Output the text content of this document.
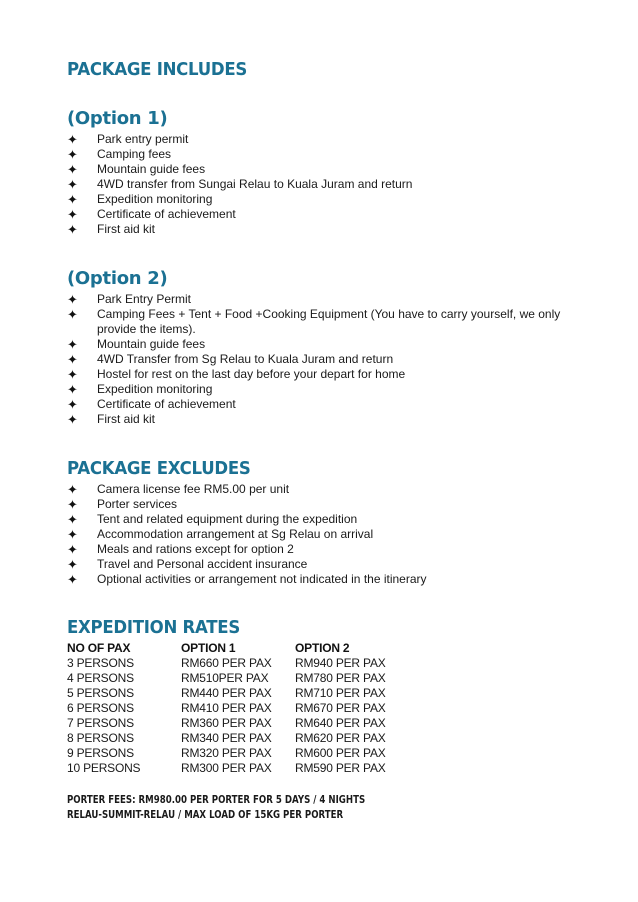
PACKAGE INCLUDES
(Option 1)
✦ Park entry permit
✦ Camping fees
✦ Mountain guide fees
✦ 4WD transfer from Sungai Relau to Kuala Juram and return
✦ Expedition monitoring
✦ Certificate of achievement
✦ First aid kit
(Option 2)
✦ Park Entry Permit
✦ Camping Fees + Tent + Food +Cooking Equipment (You have to carry yourself, we only provide the items).
✦ Mountain guide fees
✦ 4WD Transfer from Sg Relau to Kuala Juram and return
✦ Hostel for rest on the last day before your depart for home
✦ Expedition monitoring
✦ Certificate of achievement
✦ First aid kit
PACKAGE EXCLUDES
✦ Camera license fee RM5.00 per unit
✦ Porter services
✦ Tent and related equipment during the expedition
✦ Accommodation arrangement at Sg Relau on arrival
✦ Meals and rations except for option 2
✦ Travel and Personal accident insurance
✦ Optional activities or arrangement not indicated in the itinerary
EXPEDITION RATES
NO OF PAX	OPTION 1	OPTION 2
3 PERSONS	RM660 PER PAX	RM940 PER PAX
4 PERSONS	RM510PER PAX	RM780 PER PAX
5 PERSONS	RM440 PER PAX	RM710 PER PAX
6 PERSONS	RM410 PER PAX	RM670 PER PAX
7 PERSONS	RM360 PER PAX	RM640 PER PAX
8 PERSONS	RM340 PER PAX	RM620 PER PAX
9 PERSONS	RM320 PER PAX	RM600 PER PAX
10 PERSONS	RM300 PER PAX	RM590 PER PAX
PORTER FEES: RM980.00 PER PORTER FOR 5 DAYS / 4 NIGHTS
RELAU-SUMMIT-RELAU / MAX LOAD OF 15KG PER PORTER
